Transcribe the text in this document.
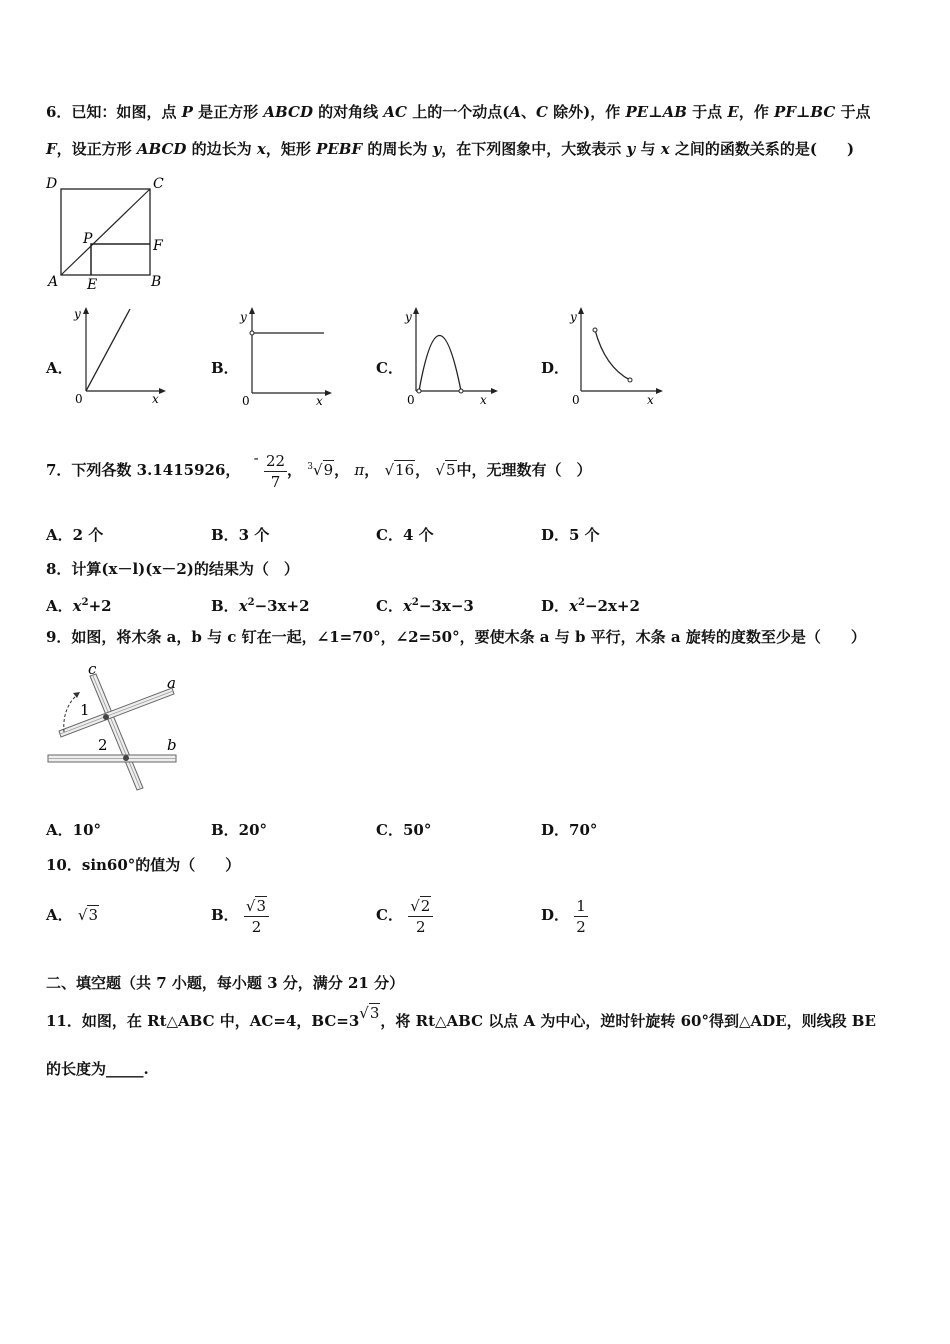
6．已知：如图，点 P 是正方形 ABCD 的对角线 AC 上的一个动点(A、C 除外)，作 PE⊥AB 于点 E，作 PF⊥BC 于点
F，设正方形 ABCD 的边长为 x，矩形 PEBF 的周长为 y，在下列图象中，大致表示 y 与 x 之间的函数关系的是(　　)
D	C
P	F
A E	B
A．
y
0	x
B．
y
0	x
C．
y
0	x
D．
y
0	x
7．下列各数 3.1415926， - $\frac{22}{7}$ ， $^3$√9， π， √16， √5中，无理数有（　）
A．2 个	B．3 个	C．4 个	D．5 个
8．计算(x－l)(x－2)的结果为（　）
A．$x^2+2$	B．$x^2-3x+2$	C．$x^2-3x-3$	D．$x^2-2x+2$
9．如图，将木条 a，b 与 c 钉在一起，∠1=70°，∠2=50°，要使木条 a 与 b 平行，木条 a 旋转的度数至少是（　　）
c
a
1
2	b
A．10°	B．20°	C．50°	D．70°
10．sin60°的值为（　　）
A． √3	B． $\frac{√3}{2}$	C． $\frac{√2}{2}$	D． $\frac{1}{2}$
二、填空题（共 7 小题，每小题 3 分，满分 21 分）
11．如图，在 Rt△ABC 中，AC=4，BC=3√3，将 Rt△ABC 以点 A 为中心，逆时针旋转 60°得到△ADE，则线段 BE
的长度为_____.
